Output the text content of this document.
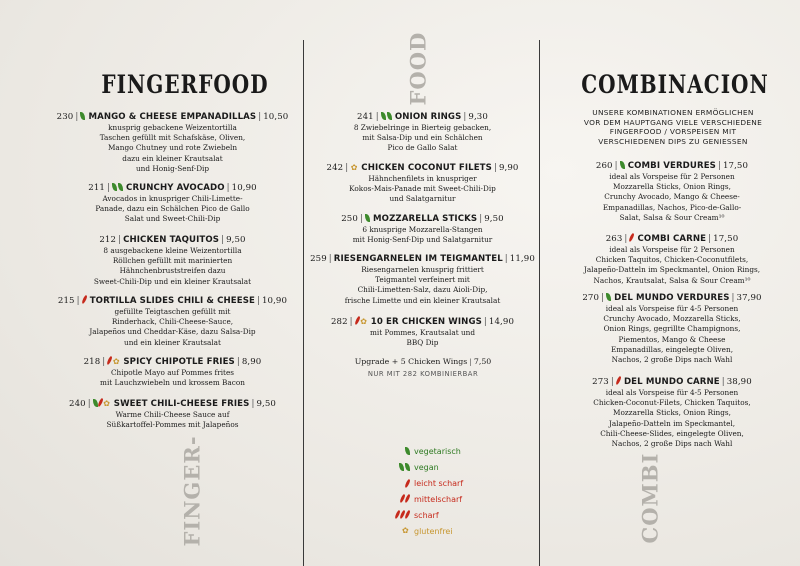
FINGERFOOD	COMBINACION
FINGER-
FOOD
COMBI
230 | MANGO & CHEESE EMPANADILLAS | 10,50
knusprig gebackene Weizentortilla
Taschen gefüllt mit Schafskäse, Oliven,
Mango Chutney und rote Zwiebeln
dazu ein kleiner Krautsalat
und Honig-Senf-Dip
211 | CRUNCHY AVOCADO | 10,90
Avocados in knuspriger Chili-Limette-
Panade, dazu ein Schälchen Pico de Gallo
Salat und Sweet-Chili-Dip
212 | CHICKEN TAQUITOS | 9,50
8 ausgebackene kleine Weizentortilla
Röllchen gefüllt mit marinierten
Hähnchenbruststreifen dazu
Sweet-Chili-Dip und ein kleiner Krautsalat
215 | TORTILLA SLIDES CHILI & CHEESE | 10,90
gefüllte Teigtaschen gefüllt mit
Rinderhack, Chili-Cheese-Sauce,
Jalapeños und Cheddar-Käse, dazu Salsa-Dip
und ein kleiner Krautsalat
218 | ✿ SPICY CHIPOTLE FRIES | 8,90
Chipotle Mayo auf Pommes frites
mit Lauchzwiebeln und krossem Bacon
240 | ✿ SWEET CHILI-CHEESE FRIES | 9,50
Warme Chili-Cheese Sauce auf
Süßkartoffel-Pommes mit Jalapeños
241 | ONION RINGS | 9,30
8 Zwiebelringe in Bierteig gebacken,
mit Salsa-Dip und ein Schälchen
Pico de Gallo Salat
242 | ✿ CHICKEN COCONUT FILETS | 9,90
Hähnchenfilets in knuspriger
Kokos-Mais-Panade mit Sweet-Chili-Dip
und Salatgarnitur
250 | MOZZARELLA STICKS | 9,50
6 knusprige Mozzarella-Stangen
mit Honig-Senf-Dip und Salatgarnitur
259 | RIESENGARNELEN IM TEIGMANTEL | 11,90
Riesengarnelen knusprig frittiert
Teigmantel verfeinert mit
Chili-Limetten-Salz, dazu Aioli-Dip,
frische Limette und ein kleiner Krautsalat
282 | ✿ 10 ER CHICKEN WINGS | 14,90
mit Pommes, Krautsalat und
BBQ Dip
260 | COMBI VERDURES | 17,50
ideal als Vorspeise für 2 Personen
Mozzarella Sticks, Onion Rings,
Crunchy Avocado, Mango & Cheese-
Empanadillas, Nachos, Pico-de-Gallo-
Salat, Salsa & Sour Cream¹⁰
263 | COMBI CARNE | 17,50
ideal als Vorspeise für 2 Personen
Chicken Taquitos, Chicken-Coconutfilets,
Jalapeño-Datteln im Speckmantel, Onion Rings,
Nachos, Krautsalat, Salsa & Sour Cream¹⁰
270 | DEL MUNDO VERDURES | 37,90
ideal als Vorspeise für 4-5 Personen
Crunchy Avocado, Mozzarella Sticks,
Onion Rings, gegrillte Champignons,
Piementos, Mango & Cheese
Empanadillas, eingelegte Oliven,
Nachos, 2 große Dips nach Wahl
273 | DEL MUNDO CARNE | 38,90
ideal als Vorspeise für 4-5 Personen
Chicken-Coconut-Filets, Chicken Taquitos,
Mozzarella Sticks, Onion Rings,
Jalapeño-Datteln im Speckmantel,
Chili-Cheese-Slides, eingelegte Oliven,
Nachos, 2 große Dips nach Wahl
UNSERE KOMBINATIONEN ERMÖGLICHEN
VOR DEM HAUPTGANG VIELE VERSCHIEDENE
FINGERFOOD / VORSPEISEN MIT
VERSCHIEDENEN DIPS ZU GENIESSEN
Upgrade + 5 Chicken Wings | 7,50
NUR MIT 282 KOMBINIERBAR
vegetarisch
vegan
leicht scharf
mittelscharf
scharf
✿ glutenfrei
